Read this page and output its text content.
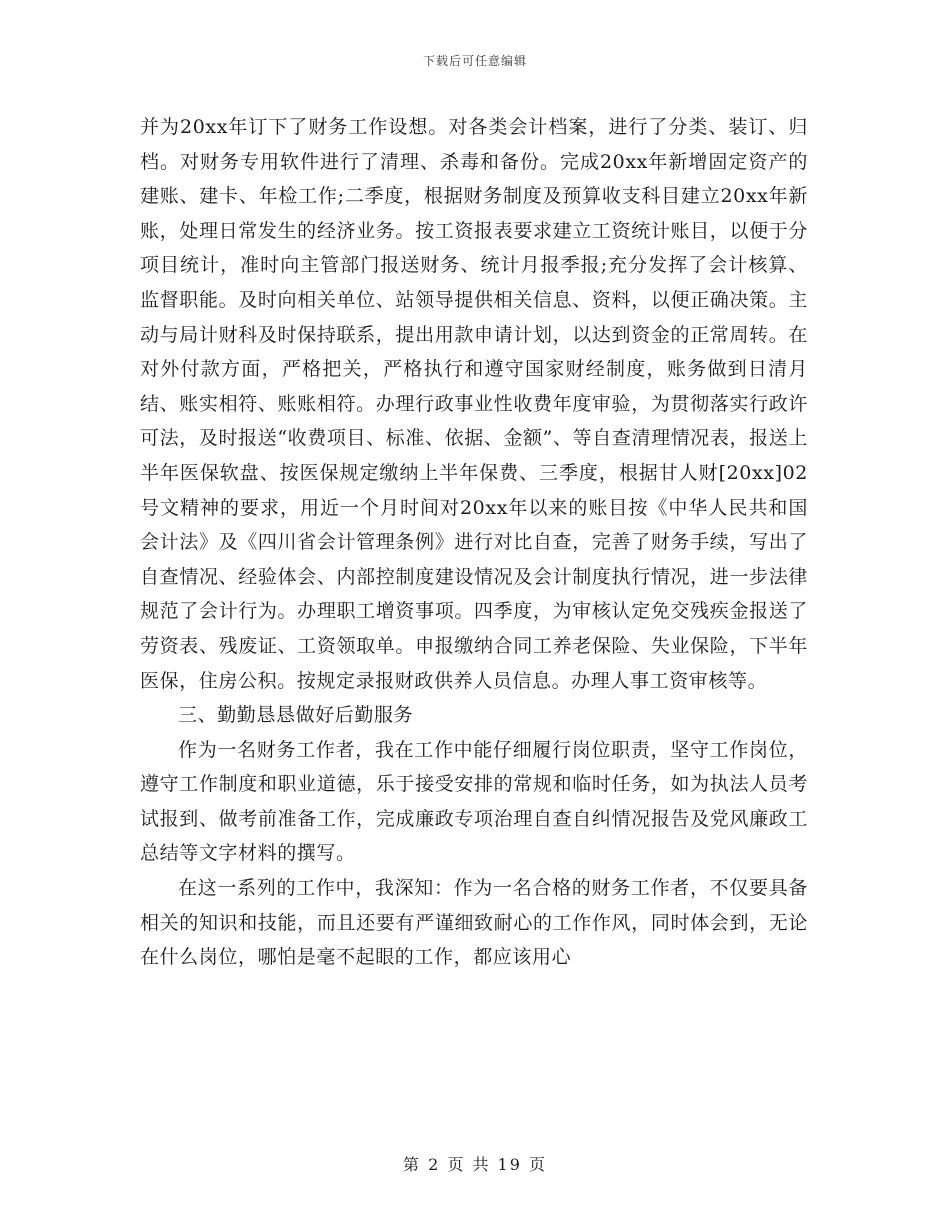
下载后可任意编辑

并为20xx年订下了财务工作设想。对各类会计档案，进行了分类、装订、归档。对财务专用软件进行了清理、杀毒和备份。完成20xx年新增固定资产的建账、建卡、年检工作;二季度，根据财务制度及预算收支科目建立20xx年新账，处理日常发生的经济业务。按工资报表要求建立工资统计账目，以便于分项目统计，准时向主管部门报送财务、统计月报季报;充分发挥了会计核算、监督职能。及时向相关单位、站领导提供相关信息、资料，以便正确决策。主动与局计财科及时保持联系，提出用款申请计划，以达到资金的正常周转。在对外付款方面，严格把关，严格执行和遵守国家财经制度，账务做到日清月结、账实相符、账账相符。办理行政事业性收费年度审验，为贯彻落实行政许可法，及时报送“收费项目、标准、依据、金额”、等自查清理情况表，报送上半年医保软盘、按医保规定缴纳上半年保费、三季度，根据甘人财[20xx]02号文精神的要求，用近一个月时间对20xx年以来的账目按《中华人民共和国会计法》及《四川省会计管理条例》进行对比自查，完善了财务手续，写出了自查情况、经验体会、内部控制度建设情况及会计制度执行情况，进一步法律规范了会计行为。办理职工增资事项。四季度，为审核认定免交残疾金报送了劳资表、残废证、工资领取单。申报缴纳合同工养老保险、失业保险，下半年医保，住房公积。按规定录报财政供养人员信息。办理人事工资审核等。

三、勤勤恳恳做好后勤服务

作为一名财务工作者，我在工作中能仔细履行岗位职责，坚守工作岗位，遵守工作制度和职业道德，乐于接受安排的常规和临时任务，如为执法人员考试报到、做考前准备工作，完成廉政专项治理自查自纠情况报告及党风廉政工总结等文字材料的撰写。

在这一系列的工作中，我深知：作为一名合格的财务工作者，不仅要具备相关的知识和技能，而且还要有严谨细致耐心的工作作风，同时体会到，无论在什么岗位，哪怕是毫不起眼的工作，都应该用心

第 2 页 共 19 页
